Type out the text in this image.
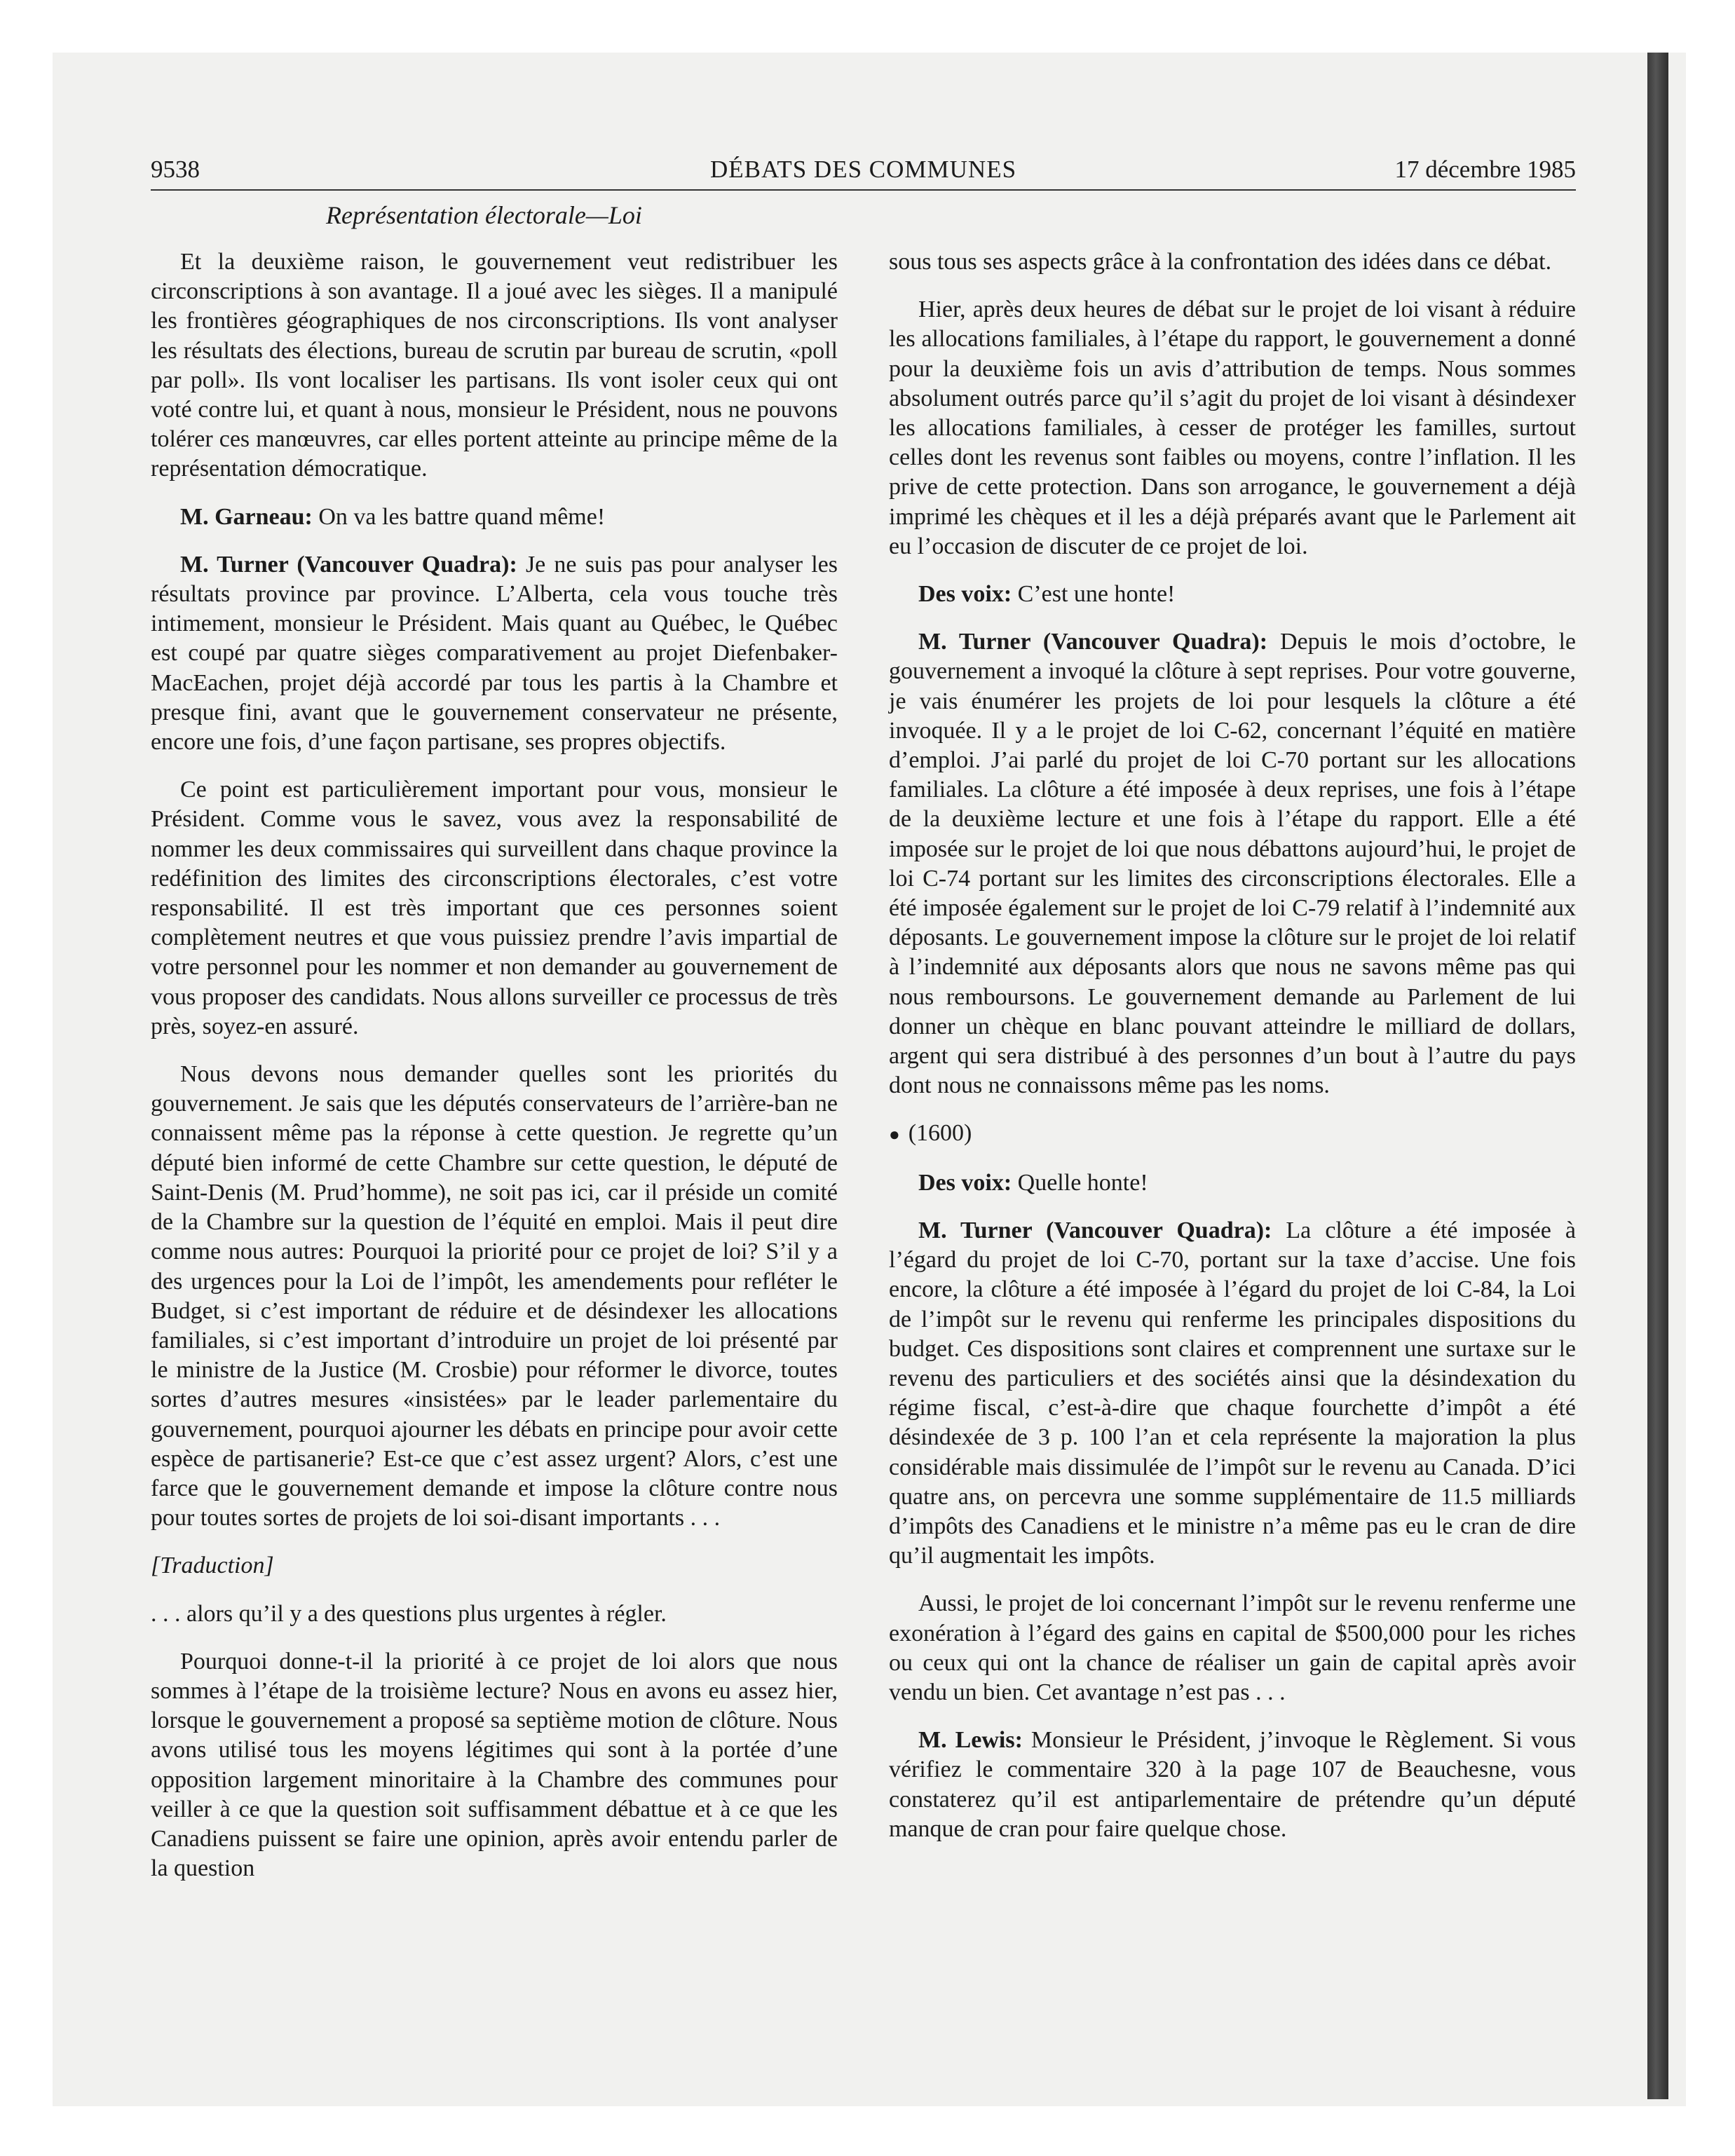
9538	DÉBATS DES COMMUNES	17 décembre 1985
Représentation électorale—Loi

Et la deuxième raison, le gouvernement veut redistribuer les circonscriptions à son avantage. Il a joué avec les sièges. Il a manipulé les frontières géographiques de nos circonscriptions. Ils vont analyser les résultats des élections, bureau de scrutin par bureau de scrutin, «poll par poll». Ils vont localiser les partisans. Ils vont isoler ceux qui ont voté contre lui, et quant à nous, monsieur le Président, nous ne pouvons tolérer ces manœuvres, car elles portent atteinte au principe même de la représentation démocratique.

M. Garneau: On va les battre quand même!

M. Turner (Vancouver Quadra): Je ne suis pas pour analyser les résultats province par province. L’Alberta, cela vous touche très intimement, monsieur le Président. Mais quant au Québec, le Québec est coupé par quatre sièges comparativement au projet Diefenbaker-MacEachen, projet déjà accordé par tous les partis à la Chambre et presque fini, avant que le gouvernement conservateur ne présente, encore une fois, d’une façon partisane, ses propres objectifs.

Ce point est particulièrement important pour vous, monsieur le Président. Comme vous le savez, vous avez la responsabilité de nommer les deux commissaires qui surveillent dans chaque province la redéfinition des limites des circonscriptions électorales, c’est votre responsabilité. Il est très important que ces personnes soient complètement neutres et que vous puissiez prendre l’avis impartial de votre personnel pour les nommer et non demander au gouvernement de vous proposer des candidats. Nous allons surveiller ce processus de très près, soyez-en assuré.

Nous devons nous demander quelles sont les priorités du gouvernement. Je sais que les députés conservateurs de l’arrière-ban ne connaissent même pas la réponse à cette question. Je regrette qu’un député bien informé de cette Chambre sur cette question, le député de Saint-Denis (M. Prud’homme), ne soit pas ici, car il préside un comité de la Chambre sur la question de l’équité en emploi. Mais il peut dire comme nous autres: Pourquoi la priorité pour ce projet de loi? S’il y a des urgences pour la Loi de l’impôt, les amendements pour refléter le Budget, si c’est important de réduire et de désindexer les allocations familiales, si c’est important d’introduire un projet de loi présenté par le ministre de la Justice (M. Crosbie) pour réformer le divorce, toutes sortes d’autres mesures «insistées» par le leader parlementaire du gouvernement, pourquoi ajourner les débats en principe pour avoir cette espèce de partisanerie? Est-ce que c’est assez urgent? Alors, c’est une farce que le gouvernement demande et impose la clôture contre nous pour toutes sortes de projets de loi soi-disant importants . . .

[Traduction]

. . . alors qu’il y a des questions plus urgentes à régler.

Pourquoi donne-t-il la priorité à ce projet de loi alors que nous sommes à l’étape de la troisième lecture? Nous en avons eu assez hier, lorsque le gouvernement a proposé sa septième motion de clôture. Nous avons utilisé tous les moyens légitimes qui sont à la portée d’une opposition largement minoritaire à la Chambre des communes pour veiller à ce que la question soit suffisamment débattue et à ce que les Canadiens puissent se faire une opinion, après avoir entendu parler de la question

sous tous ses aspects grâce à la confrontation des idées dans ce débat.

Hier, après deux heures de débat sur le projet de loi visant à réduire les allocations familiales, à l’étape du rapport, le gouvernement a donné pour la deuxième fois un avis d’attribution de temps. Nous sommes absolument outrés parce qu’il s’agit du projet de loi visant à désindexer les allocations familiales, à cesser de protéger les familles, surtout celles dont les revenus sont faibles ou moyens, contre l’inflation. Il les prive de cette protection. Dans son arrogance, le gouvernement a déjà imprimé les chèques et il les a déjà préparés avant que le Parlement ait eu l’occasion de discuter de ce projet de loi.

Des voix: C’est une honte!

M. Turner (Vancouver Quadra): Depuis le mois d’octobre, le gouvernement a invoqué la clôture à sept reprises. Pour votre gouverne, je vais énumérer les projets de loi pour lesquels la clôture a été invoquée. Il y a le projet de loi C-62, concernant l’équité en matière d’emploi. J’ai parlé du projet de loi C-70 portant sur les allocations familiales. La clôture a été imposée à deux reprises, une fois à l’étape de la deuxième lecture et une fois à l’étape du rapport. Elle a été imposée sur le projet de loi que nous débattons aujourd’hui, le projet de loi C-74 portant sur les limites des circonscriptions électorales. Elle a été imposée également sur le projet de loi C-79 relatif à l’indemnité aux déposants. Le gouvernement impose la clôture sur le projet de loi relatif à l’indemnité aux déposants alors que nous ne savons même pas qui nous remboursons. Le gouvernement demande au Parlement de lui donner un chèque en blanc pouvant atteindre le milliard de dollars, argent qui sera distribué à des personnes d’un bout à l’autre du pays dont nous ne connaissons même pas les noms.

● (1600)

Des voix: Quelle honte!

M. Turner (Vancouver Quadra): La clôture a été imposée à l’égard du projet de loi C-70, portant sur la taxe d’accise. Une fois encore, la clôture a été imposée à l’égard du projet de loi C-84, la Loi de l’impôt sur le revenu qui renferme les principales dispositions du budget. Ces dispositions sont claires et comprennent une surtaxe sur le revenu des particuliers et des sociétés ainsi que la désindexation du régime fiscal, c’est-à-dire que chaque fourchette d’impôt a été désindexée de 3 p. 100 l’an et cela représente la majoration la plus considérable mais dissimulée de l’impôt sur le revenu au Canada. D’ici quatre ans, on percevra une somme supplémentaire de 11.5 milliards d’impôts des Canadiens et le ministre n’a même pas eu le cran de dire qu’il augmentait les impôts.

Aussi, le projet de loi concernant l’impôt sur le revenu renferme une exonération à l’égard des gains en capital de $500,000 pour les riches ou ceux qui ont la chance de réaliser un gain de capital après avoir vendu un bien. Cet avantage n’est pas . . .

M. Lewis: Monsieur le Président, j’invoque le Règlement. Si vous vérifiez le commentaire 320 à la page 107 de Beauchesne, vous constaterez qu’il est antiparlementaire de prétendre qu’un député manque de cran pour faire quelque chose.
